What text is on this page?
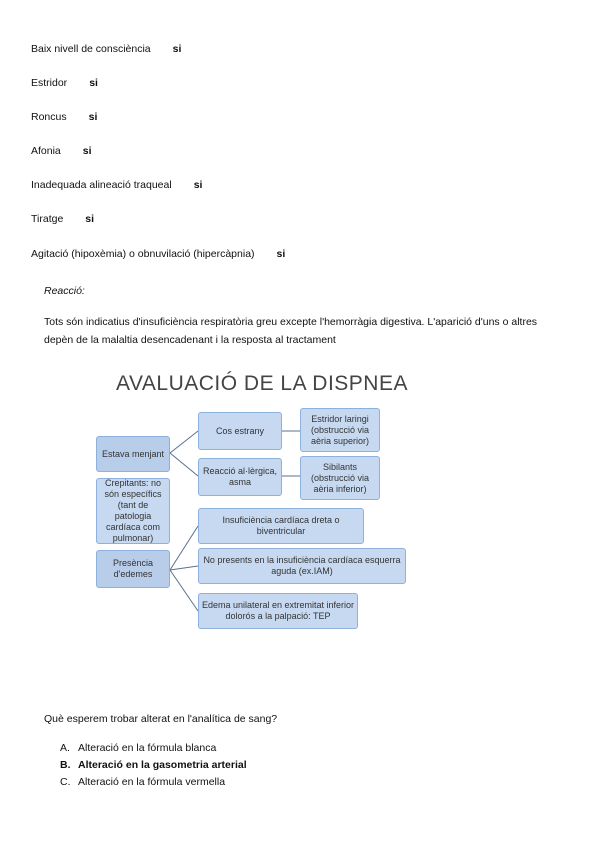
Baix nivell de consciència si
Estridor si
Roncus si
Afonia si
Inadequada alineació traqueal si
Tiratge si
Agitació (hipoxèmia) o obnuvilació (hipercàpnia) si
Reacció:
Tots són indicatius d'insuficiència respiratòria greu excepte l'hemorràgia digestiva. L'aparició d'uns o altres depèn de la malaltia desencadenant i la resposta al tractament
AVALUACIÓ DE LA DISPNEA
Estava menjant
Cos estrany
Estridor laringi (obstrucció via aèria superior)
Reacció al·lèrgica, asma
Sibilants (obstrucció via aèria inferior)
Crepitants: no són específics (tant de patologia cardíaca com pulmonar)
Presència d'edemes
Insuficiència cardíaca dreta o biventricular
No presents en la insuficiència cardíaca esquerra aguda (ex.IAM)
Edema unilateral en extremitat inferior dolorós a la palpació: TEP
Què esperem trobar alterat en l'analítica de sang?
A. Alteració en la fórmula blanca
B. Alteració en la gasometria arterial
C. Alteració en la fórmula vermella
